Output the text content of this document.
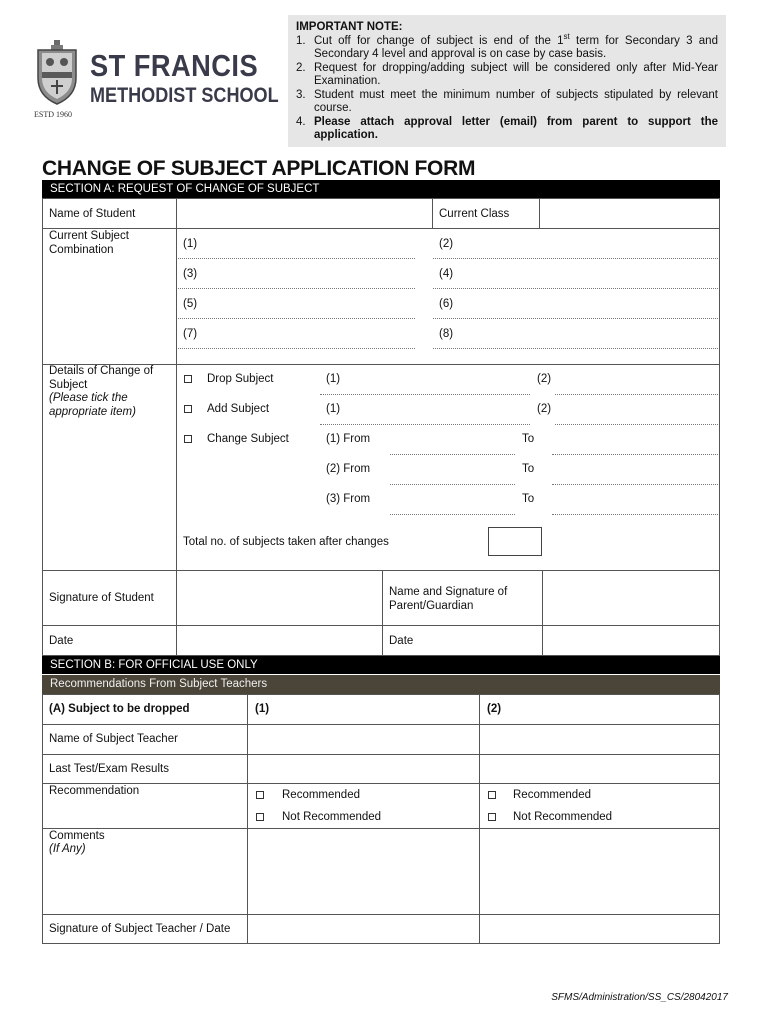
ST FRANCIS
METHODIST SCHOOL
ESTD 1960
IMPORTANT NOTE:
1. Cut off for change of subject is end of the 1st term for Secondary 3 and Secondary 4 level and approval is on case by case basis.
2. Request for dropping/adding subject will be considered only after Mid-Year Examination.
3. Student must meet the minimum number of subjects stipulated by relevant course.
4. Please attach approval letter (email) from parent to support the application.
CHANGE OF SUBJECT APPLICATION FORM
SECTION A: REQUEST OF CHANGE OF SUBJECT
Name of Student	Current Class
Current Subject Combination	(1)	(2)
(3)	(4)
(5)	(6)
(7)	(8)
Details of Change of Subject
(Please tick the appropriate item)
Drop Subject	(1)	(2)
Add Subject	(1)	(2)
Change Subject	(1) From	To
(2) From	To
(3) From	To
Total no. of subjects taken after changes
Signature of Student	Name and Signature of Parent/Guardian
Date	Date
SECTION B: FOR OFFICIAL USE ONLY
Recommendations From Subject Teachers
(A) Subject to be dropped	(1)	(2)
Name of Subject Teacher
Last Test/Exam Results
Recommendation	Recommended	Recommended
Not Recommended	Not Recommended
Comments
(If Any)
Signature of Subject Teacher / Date
SFMS/Administration/SS_CS/28042017
